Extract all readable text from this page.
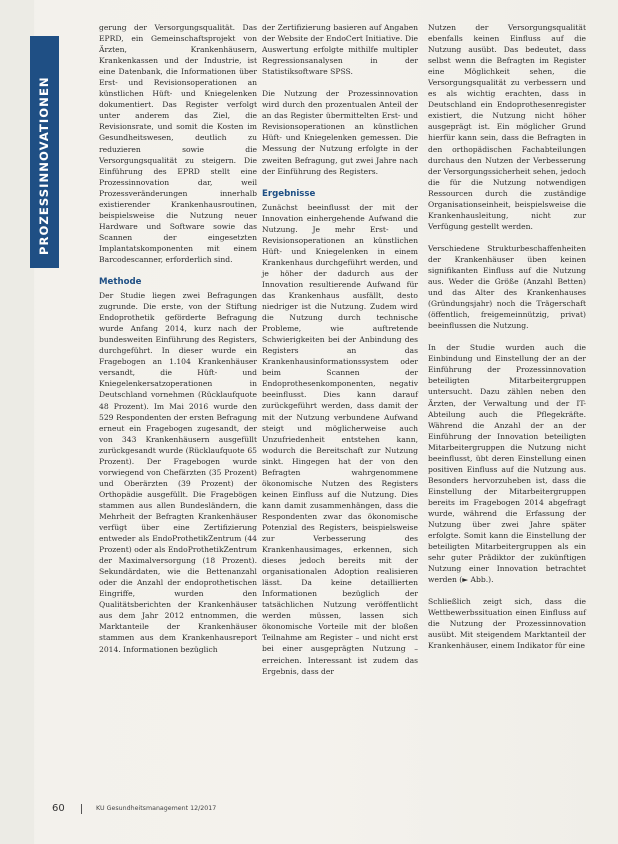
PROZESSINNOVATIONEN

gerung der Versorgungsqualität. Das EPRD, ein Gemeinschaftsprojekt von Ärzten, Krankenhäusern, Krankenkassen und der Industrie, ist eine Datenbank, die Informationen über Erst- und Revisionsoperationen an künstlichen Hüft- und Kniegelenken dokumentiert. Das Register verfolgt unter anderem das Ziel, die Revisionsrate, und somit die Kosten im Gesundheitswesen, deutlich zu reduzieren sowie die Versorgungsqualität zu steigern. Die Einführung des EPRD stellt eine Prozessinnovation dar, weil Prozessveränderungen innerhalb existierender Krankenhausroutinen, beispielsweise die Nutzung neuer Hardware und Software sowie das Scannen der eingesetzten Implantatskomponenten mit einem Barcodescanner, erforderlich sind.

Methode

Der Studie liegen zwei Befragungen zugrunde. Die erste, von der Stiftung Endoprothetik geförderte Befragung wurde Anfang 2014, kurz nach der bundesweiten Einführung des Registers, durchgeführt. In dieser wurde ein Fragebogen an 1.104 Krankenhäuser versandt, die Hüft- und Kniegelenkersatzoperationen in Deutschland vornehmen (Rücklaufquote 48 Prozent). Im Mai 2016 wurde den 529 Respondenten der ersten Befragung erneut ein Fragebogen zugesandt, der von 343 Krankenhäusern ausgefüllt zurückgesandt wurde (Rücklaufquote 65 Prozent). Der Fragebogen wurde vorwiegend von Chefärzten (35 Prozent) und Oberärzten (39 Prozent) der Orthopädie ausgefüllt. Die Fragebögen stammen aus allen Bundesländern, die Mehrheit der Befragten Krankenhäuser verfügt über eine Zertifizierung entweder als EndoProthetikZentrum (44 Prozent) oder als EndoProthetikZentrum der Maximalversorgung (18 Prozent). Sekundärdaten, wie die Bettenanzahl oder die Anzahl der endoprothetischen Eingriffe, wurden den Qualitätsberichten der Krankenhäuser aus dem Jahr 2012 entnommen, die Marktanteile der Krankenhäuser stammen aus dem Krankenhausreport 2014. Informationen bezüglich

der Zertifizierung basieren auf Angaben der Website der EndoCert Initiative. Die Auswertung erfolgte mithilfe multipler Regressionsanalysen in der Statistiksoftware SPSS.

Die Nutzung der Prozessinnovation wird durch den prozentualen Anteil der an das Register übermittelten Erst- und Revisionsoperationen an künstlichen Hüft- und Kniegelenken gemessen. Die Messung der Nutzung erfolgte in der zweiten Befragung, gut zwei Jahre nach der Einführung des Registers.

Ergebnisse

Zunächst beeinflusst der mit der Innovation einhergehende Aufwand die Nutzung. Je mehr Erst- und Revisionsoperationen an künstlichen Hüft- und Kniegelenken in einem Krankenhaus durchgeführt werden, und je höher der dadurch aus der Innovation resultierende Aufwand für das Krankenhaus ausfällt, desto niedriger ist die Nutzung. Zudem wird die Nutzung durch technische Probleme, wie auftretende Schwierigkeiten bei der Anbindung des Registers an das Krankenhausinformationssystem oder beim Scannen der Endoprothesenkomponenten, negativ beeinflusst. Dies kann darauf zurückgeführt werden, dass damit der mit der Nutzung verbundene Aufwand steigt und möglicherweise auch Unzufriedenheit entstehen kann, wodurch die Bereitschaft zur Nutzung sinkt. Hingegen hat der von den Befragten wahrgenommene ökonomische Nutzen des Registers keinen Einfluss auf die Nutzung. Dies kann damit zusammenhängen, dass die Respondenten zwar das ökonomische Potenzial des Registers, beispielsweise zur Verbesserung des Krankenhausimages, erkennen, sich dieses jedoch bereits mit der organisationalen Adoption realisieren lässt. Da keine detaillierten Informationen bezüglich der tatsächlichen Nutzung veröffentlicht werden müssen, lassen sich ökonomische Vorteile mit der bloßen Teilnahme am Register – und nicht erst bei einer ausgeprägten Nutzung – erreichen. Interessant ist zudem das Ergebnis, dass der

Nutzen der Versorgungsqualität ebenfalls keinen Einfluss auf die Nutzung ausübt. Das bedeutet, dass selbst wenn die Befragten im Register eine Möglichkeit sehen, die Versorgungsqualität zu verbessern und es als wichtig erachten, dass in Deutschland ein Endoprothesenregister existiert, die Nutzung nicht höher ausgeprägt ist. Ein möglicher Grund hierfür kann sein, dass die Befragten in den orthopädischen Fachabteilungen durchaus den Nutzen der Verbesserung der Versorgungssicherheit sehen, jedoch die für die Nutzung notwendigen Ressourcen durch die zuständige Organisationseinheit, beispielsweise die Krankenhausleitung, nicht zur Verfügung gestellt werden.

Verschiedene Strukturbeschaffenheiten der Krankenhäuser üben keinen signifikanten Einfluss auf die Nutzung aus. Weder die Größe (Anzahl Betten) und das Alter des Krankenhauses (Gründungsjahr) noch die Trägerschaft (öffentlich, freigemeinnützig, privat) beeinflussen die Nutzung.

In der Studie wurden auch die Einbindung und Einstellung der an der Einführung der Prozessinnovation beteiligten Mitarbeitergruppen untersucht. Dazu zählen neben den Ärzten, der Verwaltung und der IT-Abteilung auch die Pflegekräfte. Während die Anzahl der an der Einführung der Innovation beteiligten Mitarbeitergruppen die Nutzung nicht beeinflusst, übt deren Einstellung einen positiven Einfluss auf die Nutzung aus. Besonders hervorzuheben ist, dass die Einstellung der Mitarbeitergruppen bereits im Fragebogen 2014 abgefragt wurde, während die Erfassung der Nutzung über zwei Jahre später erfolgte. Somit kann die Einstellung der beteiligten Mitarbeitergruppen als ein sehr guter Prädiktor der zukünftigen Nutzung einer Innovation betrachtet werden (► Abb.).

Schließlich zeigt sich, dass die Wettbewerbssituation einen Einfluss auf die Nutzung der Prozessinnovation ausübt. Mit steigendem Marktanteil der Krankenhäuser, einem Indikator für eine

60	KU Gesundheitsmanagement 12/2017
